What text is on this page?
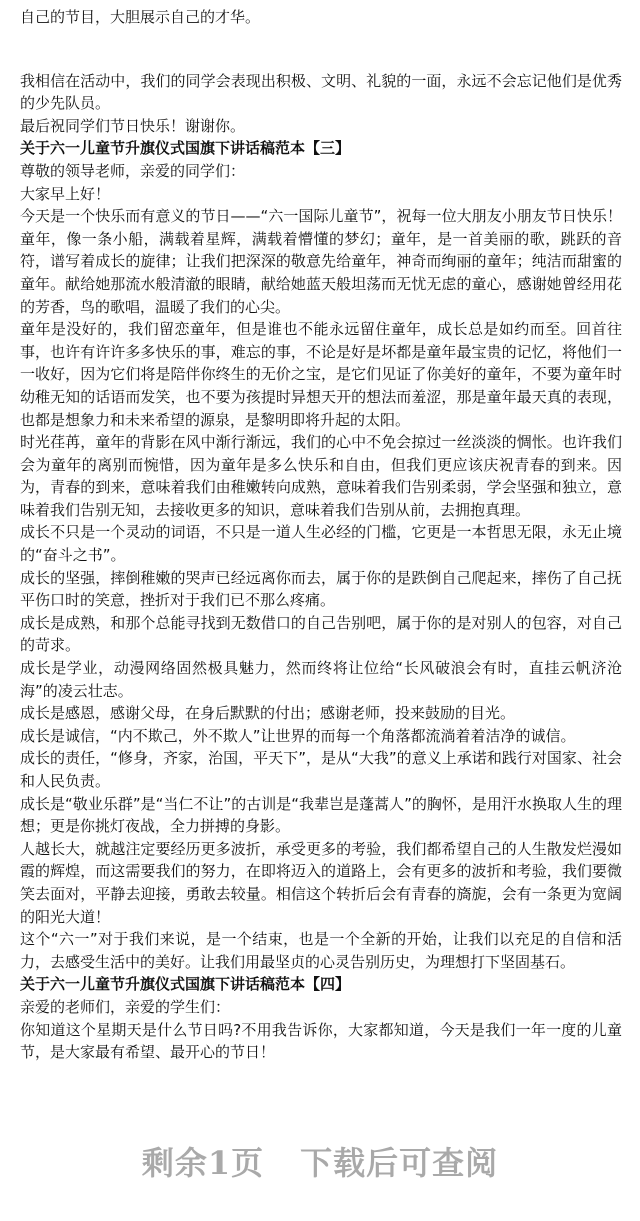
自己的节目，大胆展示自己的才华。

我相信在活动中，我们的同学会表现出积极、文明、礼貌的一面，永远不会忘记他们是优秀的少先队员。

最后祝同学们节日快乐！谢谢你。

关于六一儿童节升旗仪式国旗下讲话稿范本【三】

尊敬的领导老师，亲爱的同学们：

大家早上好！

今天是一个快乐而有意义的节日——“六一国际儿童节”，祝每一位大朋友小朋友节日快乐！童年，像一条小船，满载着星辉，满载着懵懂的梦幻；童年，是一首美丽的歌，跳跃的音符，谱写着成长的旋律；让我们把深深的敬意先给童年，神奇而绚丽的童年；纯洁而甜蜜的童年。献给她那流水般清澈的眼睛，献给她蓝天般坦荡而无忧无虑的童心，感谢她曾经用花的芳香，鸟的歌唱，温暖了我们的心尖。

童年是没好的，我们留恋童年，但是谁也不能永远留住童年，成长总是如约而至。回首往事，也许有许许多多快乐的事，难忘的事，不论是好是坏都是童年最宝贵的记忆，将他们一一收好，因为它们将是陪伴你终生的无价之宝，是它们见证了你美好的童年，不要为童年时幼稚无知的话语而发笑，也不要为孩提时异想天开的想法而羞涩，那是童年最天真的表现，也都是想象力和未来希望的源泉，是黎明即将升起的太阳。

时光荏苒，童年的背影在风中渐行渐远，我们的心中不免会掠过一丝淡淡的惆怅。也许我们会为童年的离别而惋惜，因为童年是多么快乐和自由，但我们更应该庆祝青春的到来。因为，青春的到来，意味着我们由稚嫩转向成熟，意味着我们告别柔弱，学会坚强和独立，意味着我们告别无知，去接收更多的知识，意味着我们告别从前，去拥抱真理。

成长不只是一个灵动的词语，不只是一道人生必经的门槛，它更是一本哲思无限，永无止境的“奋斗之书”。

成长的坚强，摔倒稚嫩的哭声已经远离你而去，属于你的是跌倒自己爬起来，摔伤了自己抚平伤口时的笑意，挫折对于我们已不那么疼痛。

成长是成熟，和那个总能寻找到无数借口的自己告别吧，属于你的是对别人的包容，对自己的苛求。

成长是学业，动漫网络固然极具魅力，然而终将让位给“长风破浪会有时，直挂云帆济沧海”的凌云壮志。

成长是感恩，感谢父母，在身后默默的付出；感谢老师，投来鼓励的目光。

成长是诚信，“内不欺己，外不欺人”让世界的而每一个角落都流淌着着洁净的诚信。

成长的责任，“修身，齐家，治国，平天下”，是从“大我”的意义上承诺和践行对国家、社会和人民负责。

成长是“敬业乐群”是“当仁不让”的古训是“我辈岂是蓬蒿人”的胸怀，是用汗水换取人生的理想；更是你挑灯夜战，全力拼搏的身影。

人越长大，就越注定要经历更多波折，承受更多的考验，我们都希望自己的人生散发烂漫如霞的辉煌，而这需要我们的努力，在即将迈入的道路上，会有更多的波折和考验，我们要微笑去面对，平静去迎接，勇敢去较量。相信这个转折后会有青春的旖旎，会有一条更为宽阔的阳光大道！

这个“六一”对于我们来说，是一个结束，也是一个全新的开始，让我们以充足的自信和活力，去感受生活中的美好。让我们用最坚贞的心灵告别历史，为理想打下坚固基石。

关于六一儿童节升旗仪式国旗下讲话稿范本【四】

亲爱的老师们，亲爱的学生们：

你知道这个星期天是什么节日吗?不用我告诉你，大家都知道，今天是我们一年一度的儿童节，是大家最有希望、最开心的节日！

剩余1页 下载后可查阅
